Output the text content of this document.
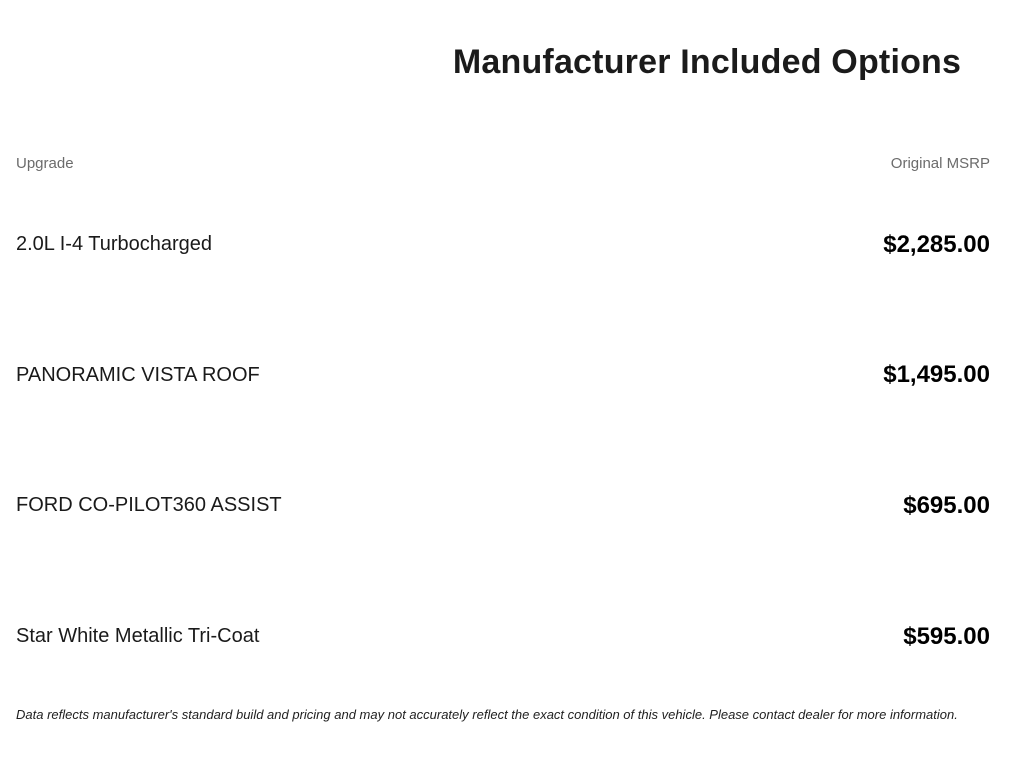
Manufacturer Included Options
Upgrade	Original MSRP
2.0L I-4 Turbocharged	$2,285.00
PANORAMIC VISTA ROOF	$1,495.00
FORD CO-PILOT360 ASSIST	$695.00
Star White Metallic Tri-Coat	$595.00

Data reflects manufacturer's standard build and pricing and may not accurately reflect the exact condition of this vehicle. Please contact dealer for more information.
